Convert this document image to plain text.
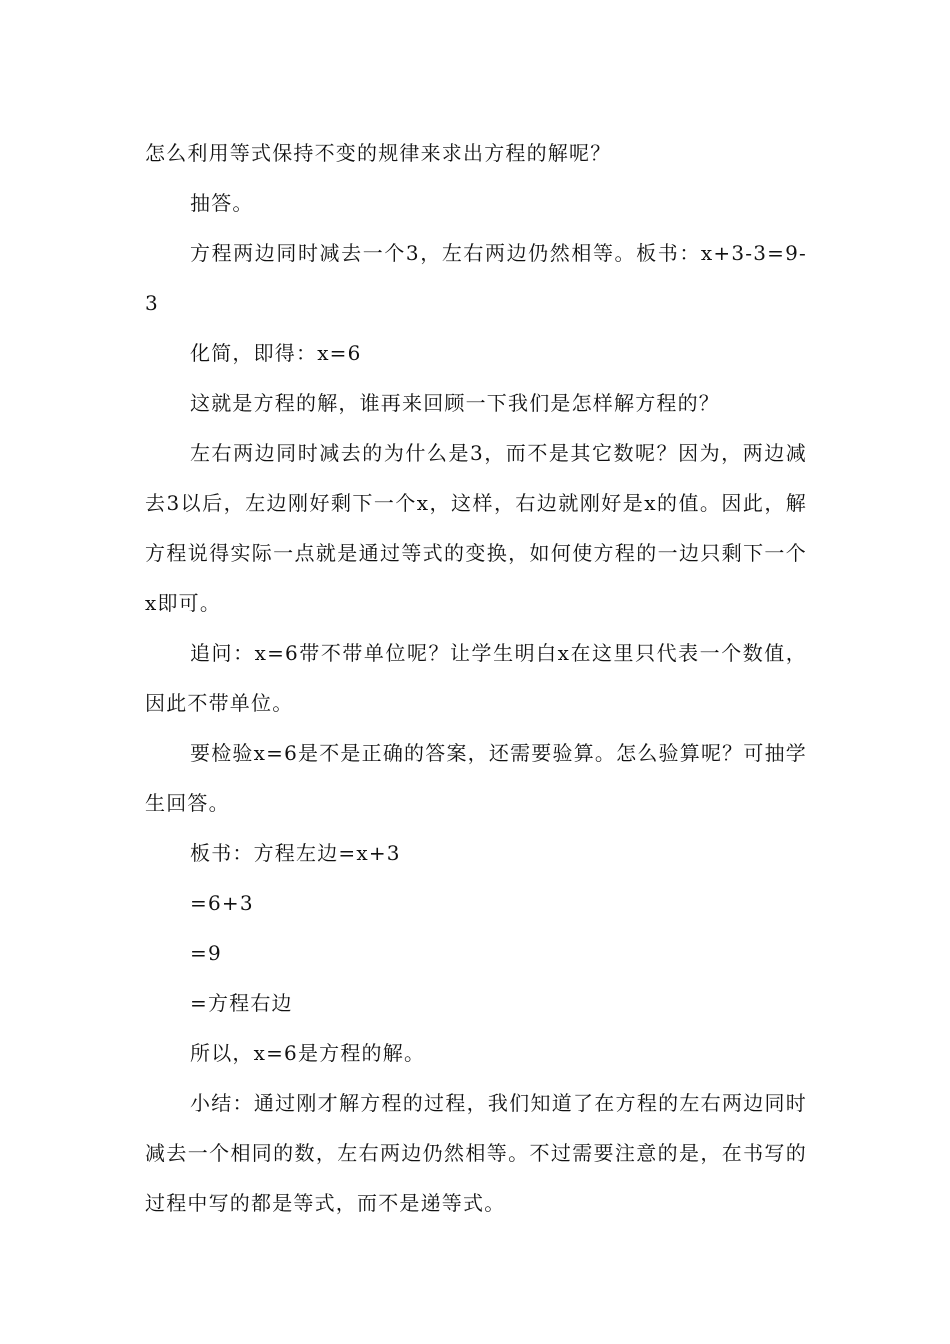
怎么利用等式保持不变的规律来求出方程的解呢？

抽答。

方程两边同时减去一个3，左右两边仍然相等。板书：x+3-3=9-3

化简，即得：x=6

这就是方程的解，谁再来回顾一下我们是怎样解方程的？

左右两边同时减去的为什么是3，而不是其它数呢？因为，两边减去3以后，左边刚好剩下一个x，这样，右边就刚好是x的值。因此，解方程说得实际一点就是通过等式的变换，如何使方程的一边只剩下一个x即可。

追问：x=6带不带单位呢？让学生明白x在这里只代表一个数值，因此不带单位。

要检验x=6是不是正确的答案，还需要验算。怎么验算呢？可抽学生回答。

板书：方程左边=x+3

=6+3

=9

=方程右边

所以，x=6是方程的解。

小结：通过刚才解方程的过程，我们知道了在方程的左右两边同时减去一个相同的数，左右两边仍然相等。不过需要注意的是，在书写的过程中写的都是等式，而不是递等式。
